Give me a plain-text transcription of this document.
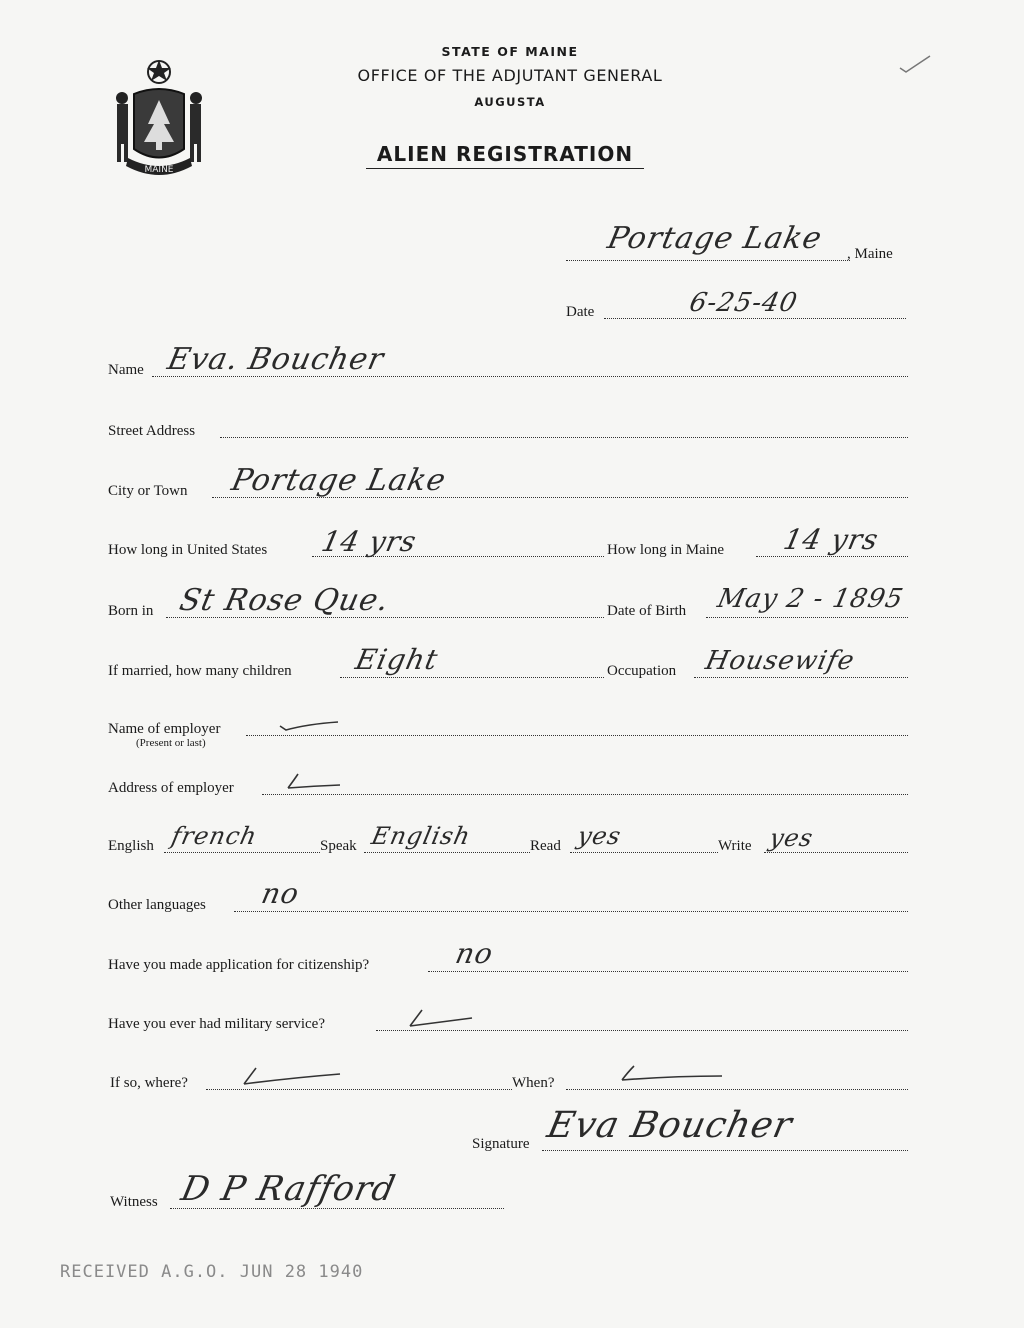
MAINE
STATE OF MAINE
OFFICE OF THE ADJUTANT GENERAL
AUGUSTA
ALIEN REGISTRATION
Portage Lake , Maine
Date	6-25-40
Name Eva. Boucher
Street Address
City or Town Portage Lake
How long in United States 14 yrs	How long in Maine 14 yrs
Born in St Rose Que.	Date of Birth May 2 - 1895
If married, how many children Eight	Occupation Housewife
Name of employer
(Present or last)
Address of employer
English french	Speak English	Read yes	Write yes
Other languages no
Have you made application for citizenship?	no
Have you ever had military service?
If so, where?	When?
Signature Eva Boucher
Witness D P Rafford
RECEIVED A.G.O. JUN 28 1940
